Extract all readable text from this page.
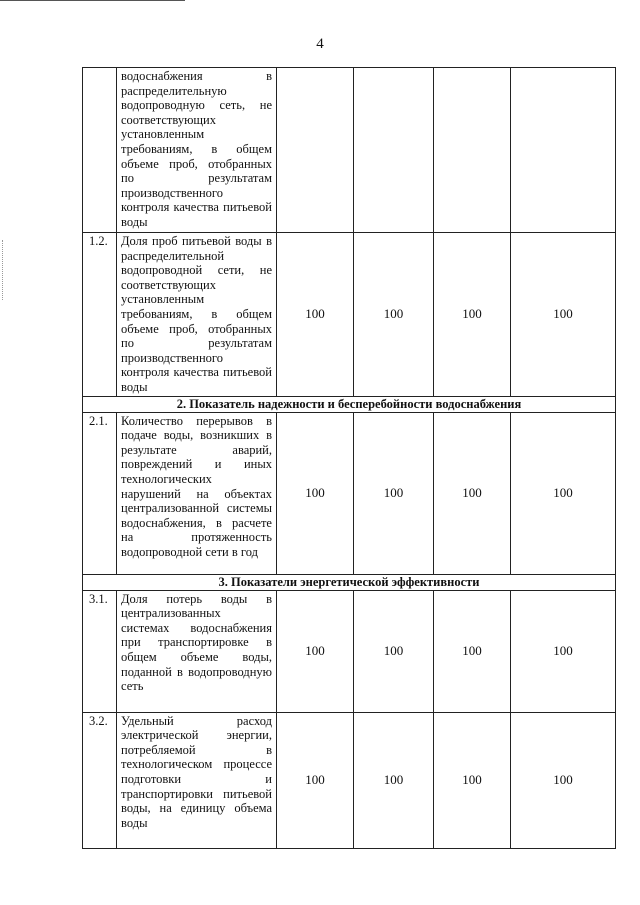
4
	водоснабжения в распределительную водопроводную сеть, не соответствующих установленным требованиям, в общем объеме проб, отобранных по результатам производственного контроля качества питьевой воды				
1.2.	Доля проб питьевой воды в распределительной водопроводной сети, не соответствующих установленным требованиям, в общем объеме проб, отобранных по результатам производственного контроля качества питьевой воды	100	100	100	100
2. Показатель надежности и бесперебойности водоснабжения					
2.1.	Количество перерывов в подаче воды, возникших в результате аварий, повреждений и иных технологических нарушений на объектах централизованной системы водоснабжения, в расчете на протяженность водопроводной сети в год	100	100	100	100
3. Показатели энергетической эффективности					
3.1.	Доля потерь воды в централизованных системах водоснабжения при транспортировке в общем объеме воды, поданной в водопроводную сеть	100	100	100	100
3.2.	Удельный расход электрической энергии, потребляемой в технологическом процессе подготовки и транспортировки питьевой воды, на единицу объема воды	100	100	100	100
